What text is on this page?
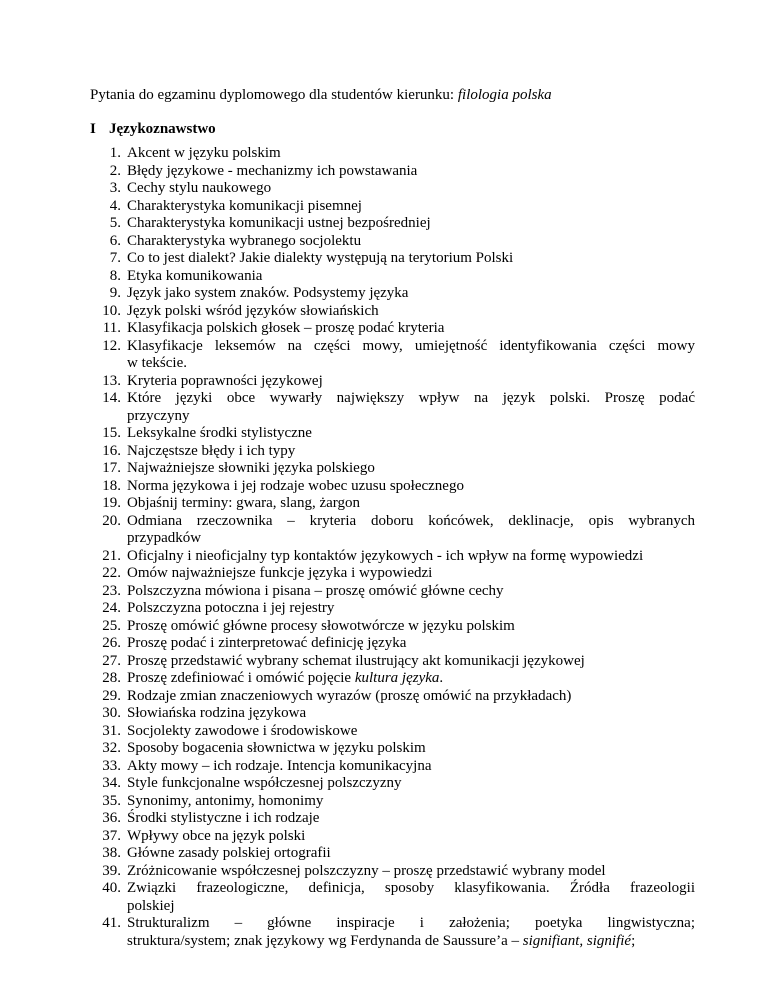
Pytania do egzaminu dyplomowego dla studentów kierunku: filologia polska
I Językoznawstwo
1. Akcent w języku polskim
2. Błędy językowe - mechanizmy ich powstawania
3. Cechy stylu naukowego
4. Charakterystyka komunikacji pisemnej
5. Charakterystyka komunikacji ustnej bezpośredniej
6. Charakterystyka wybranego socjolektu
7. Co to jest dialekt? Jakie dialekty występują na terytorium Polski
8. Etyka komunikowania
9. Język jako system znaków. Podsystemy języka
10. Język polski wśród języków słowiańskich
11. Klasyfikacja polskich głosek – proszę podać kryteria
12. Klasyfikacje leksemów na części mowy, umiejętność identyfikowania części mowy
w tekście.
13. Kryteria poprawności językowej
14. Które języki obce wywarły największy wpływ na język polski. Proszę podać
przyczyny
15. Leksykalne środki stylistyczne
16. Najczęstsze błędy i ich typy
17. Najważniejsze słowniki języka polskiego
18. Norma językowa i jej rodzaje wobec uzusu społecznego
19. Objaśnij terminy: gwara, slang, żargon
20. Odmiana rzeczownika – kryteria doboru końcówek, deklinacje, opis wybranych
przypadków
21. Oficjalny i nieoficjalny typ kontaktów językowych - ich wpływ na formę wypowiedzi
22. Omów najważniejsze funkcje języka i wypowiedzi
23. Polszczyzna mówiona i pisana – proszę omówić główne cechy
24. Polszczyzna potoczna i jej rejestry
25. Proszę omówić główne procesy słowotwórcze w języku polskim
26. Proszę podać i zinterpretować definicję języka
27. Proszę przedstawić wybrany schemat ilustrujący akt komunikacji językowej
28. Proszę zdefiniować i omówić pojęcie kultura języka.
29. Rodzaje zmian znaczeniowych wyrazów (proszę omówić na przykładach)
30. Słowiańska rodzina językowa
31. Socjolekty zawodowe i środowiskowe
32. Sposoby bogacenia słownictwa w języku polskim
33. Akty mowy – ich rodzaje. Intencja komunikacyjna
34. Style funkcjonalne współczesnej polszczyzny
35. Synonimy, antonimy, homonimy
36. Środki stylistyczne i ich rodzaje
37. Wpływy obce na język polski
38. Główne zasady polskiej ortografii
39. Zróżnicowanie współczesnej polszczyzny – proszę przedstawić wybrany model
40. Związki frazeologiczne, definicja, sposoby klasyfikowania. Źródła frazeologii
polskiej
41. Strukturalizm – główne inspiracje i założenia; poetyka lingwistyczna;
struktura/system; znak językowy wg Ferdynanda de Saussure’a – signifiant, signifié;
